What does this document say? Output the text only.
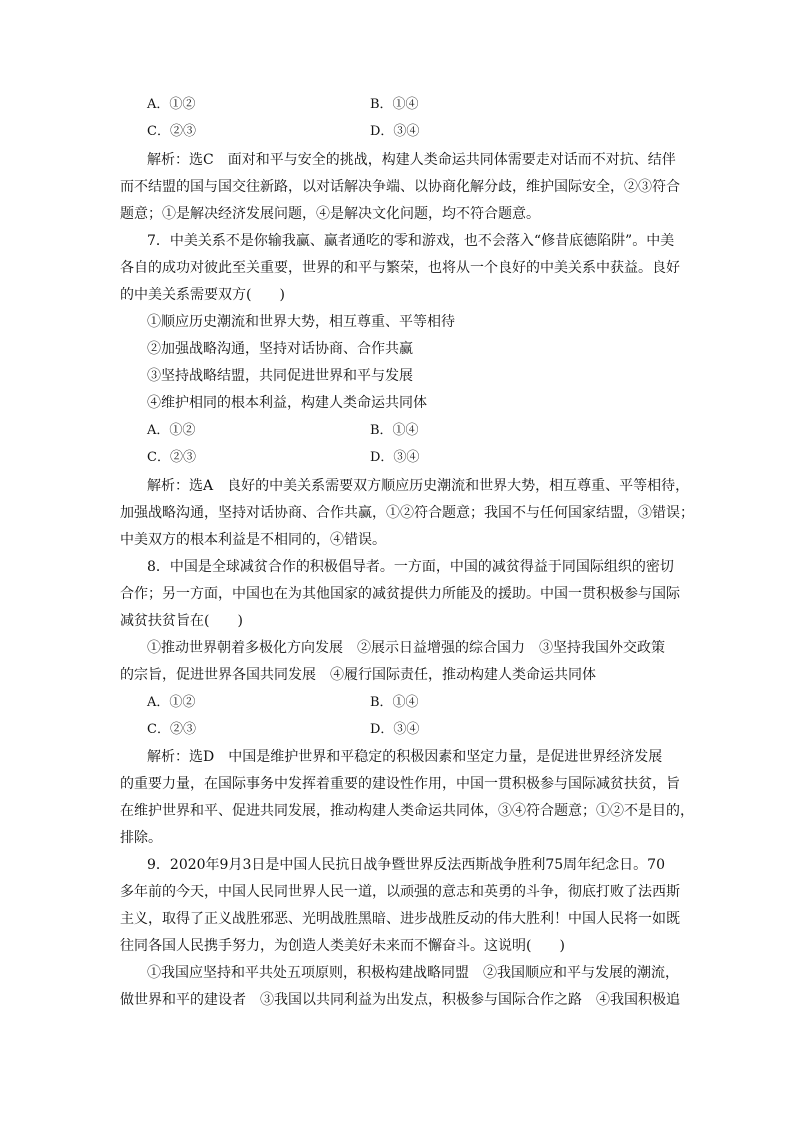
A．①②	B．①④
C．②③	D．③④
解析：选C　面对和平与安全的挑战，构建人类命运共同体需要走对话而不对抗、结伴
而不结盟的国与国交往新路，以对话解决争端、以协商化解分歧，维护国际安全，②③符合
题意；①是解决经济发展问题，④是解决文化问题，均不符合题意。
7．中美关系不是你输我赢、赢者通吃的零和游戏，也不会落入“修昔底德陷阱”。中美
各自的成功对彼此至关重要，世界的和平与繁荣，也将从一个良好的中美关系中获益。良好
的中美关系需要双方(　　)
①顺应历史潮流和世界大势，相互尊重、平等相待
②加强战略沟通，坚持对话协商、合作共赢
③坚持战略结盟，共同促进世界和平与发展
④维护相同的根本利益，构建人类命运共同体
A．①②	B．①④
C．②③	D．③④
解析：选A　良好的中美关系需要双方顺应历史潮流和世界大势，相互尊重、平等相待，
加强战略沟通，坚持对话协商、合作共赢，①②符合题意；我国不与任何国家结盟，③错误；
中美双方的根本利益是不相同的，④错误。
8．中国是全球减贫合作的积极倡导者。一方面，中国的减贫得益于同国际组织的密切
合作；另一方面，中国也在为其他国家的减贫提供力所能及的援助。中国一贯积极参与国际
减贫扶贫旨在(　　)
①推动世界朝着多极化方向发展　②展示日益增强的综合国力　③坚持我国外交政策
的宗旨，促进世界各国共同发展　④履行国际责任，推动构建人类命运共同体
A．①②	B．①④
C．②③	D．③④
解析：选D　中国是维护世界和平稳定的积极因素和坚定力量，是促进世界经济发展
的重要力量，在国际事务中发挥着重要的建设性作用，中国一贯积极参与国际减贫扶贫，旨
在维护世界和平、促进共同发展，推动构建人类命运共同体，③④符合题意；①②不是目的，
排除。
9．2020年9月3日是中国人民抗日战争暨世界反法西斯战争胜利75周年纪念日。70
多年前的今天，中国人民同世界人民一道，以顽强的意志和英勇的斗争，彻底打败了法西斯
主义，取得了正义战胜邪恶、光明战胜黑暗、进步战胜反动的伟大胜利！中国人民将一如既
往同各国人民携手努力，为创造人类美好未来而不懈奋斗。这说明(　　)
①我国应坚持和平共处五项原则，积极构建战略同盟　②我国顺应和平与发展的潮流，
做世界和平的建设者　③我国以共同利益为出发点，积极参与国际合作之路　④我国积极追
